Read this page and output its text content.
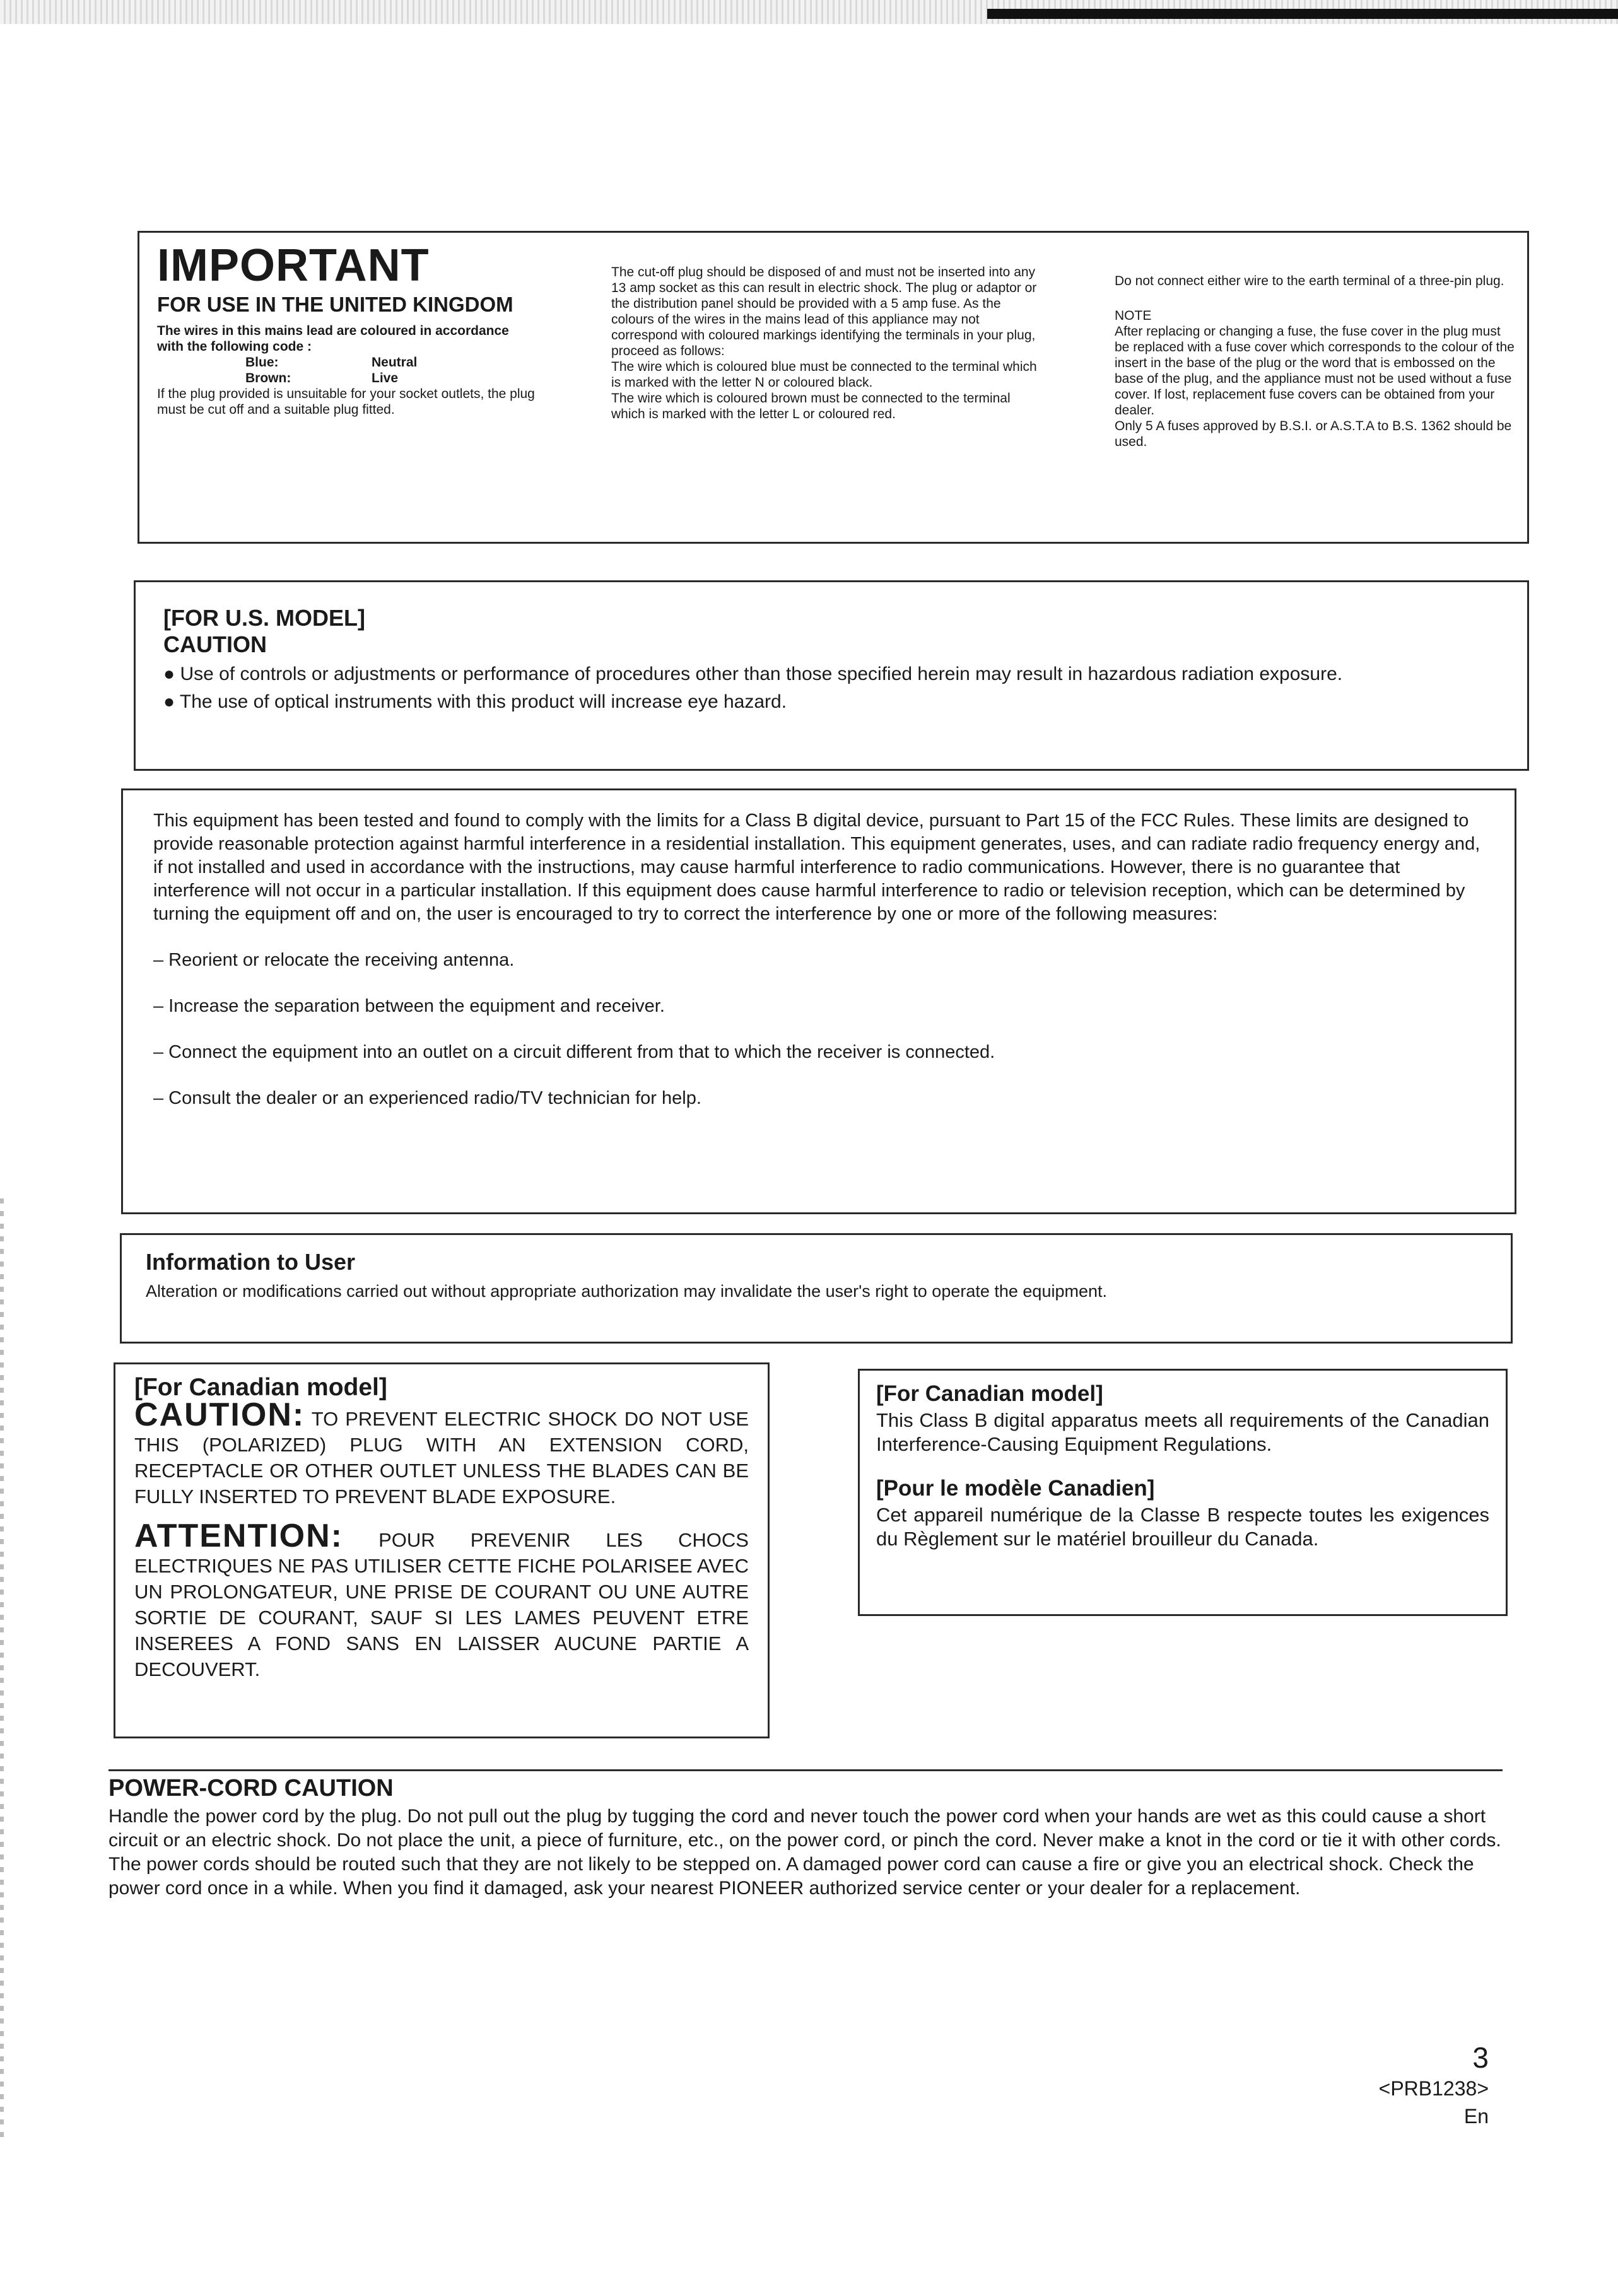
IMPORTANT
FOR USE IN THE UNITED KINGDOM
The wires in this mains lead are coloured in accordance with the following code :
Blue:	Neutral
Brown:	Live

If the plug provided is unsuitable for your socket outlets, the plug must be cut off and a suitable plug fitted.

The cut-off plug should be disposed of and must not be inserted into any 13 amp socket as this can result in electric shock. The plug or adaptor or the distribution panel should be provided with a 5 amp fuse. As the colours of the wires in the mains lead of this appliance may not correspond with coloured markings identifying the terminals in your plug, proceed as follows:

The wire which is coloured blue must be connected to the terminal which is marked with the letter N or coloured black.

The wire which is coloured brown must be connected to the terminal which is marked with the letter L or coloured red.

Do not connect either wire to the earth terminal of a three-pin plug.

NOTE

After replacing or changing a fuse, the fuse cover in the plug must be replaced with a fuse cover which corresponds to the colour of the insert in the base of the plug or the word that is embossed on the base of the plug, and the appliance must not be used without a fuse cover. If lost, replacement fuse covers can be obtained from your dealer.

Only 5 A fuses approved by B.S.I. or A.S.T.A to B.S. 1362 should be used.

[FOR U.S. MODEL]
CAUTION
● Use of controls or adjustments or performance of procedures other than those specified herein may result in hazardous radiation exposure.
● The use of optical instruments with this product will increase eye hazard.

This equipment has been tested and found to comply with the limits for a Class B digital device, pursuant to Part 15 of the FCC Rules. These limits are designed to provide reasonable protection against harmful interference in a residential installation. This equipment generates, uses, and can radiate radio frequency energy and, if not installed and used in accordance with the instructions, may cause harmful interference to radio communications. However, there is no guarantee that interference will not occur in a particular installation. If this equipment does cause harmful interference to radio or television reception, which can be determined by turning the equipment off and on, the user is encouraged to try to correct the interference by one or more of the following measures:

– Reorient or relocate the receiving antenna.

– Increase the separation between the equipment and receiver.

– Connect the equipment into an outlet on a circuit different from that to which the receiver is connected.

– Consult the dealer or an experienced radio/TV technician for help.

Information to User

Alteration or modifications carried out without appropriate authorization may invalidate the user's right to operate the equipment.

[For Canadian model]

CAUTION: TO PREVENT ELECTRIC SHOCK DO NOT USE THIS (POLARIZED) PLUG WITH AN EXTENSION CORD, RECEPTACLE OR OTHER OUTLET UNLESS THE BLADES CAN BE FULLY INSERTED TO PREVENT BLADE EXPOSURE.

ATTENTION: POUR PREVENIR LES CHOCS ELECTRIQUES NE PAS UTILISER CETTE FICHE POLARISEE AVEC UN PROLONGATEUR, UNE PRISE DE COURANT OU UNE AUTRE SORTIE DE COURANT, SAUF SI LES LAMES PEUVENT ETRE INSEREES A FOND SANS EN LAISSER AUCUNE PARTIE A DECOUVERT.

[For Canadian model]

This Class B digital apparatus meets all requirements of the Canadian Interference-Causing Equipment Regulations.

[Pour le modèle Canadien]

Cet appareil numérique de la Classe B respecte toutes les exigences du Règlement sur le matériel brouilleur du Canada.

POWER-CORD CAUTION

Handle the power cord by the plug. Do not pull out the plug by tugging the cord and never touch the power cord when your hands are wet as this could cause a short circuit or an electric shock. Do not place the unit, a piece of furniture, etc., on the power cord, or pinch the cord. Never make a knot in the cord or tie it with other cords. The power cords should be routed such that they are not likely to be stepped on. A damaged power cord can cause a fire or give you an electrical shock. Check the power cord once in a while. When you find it damaged, ask your nearest PIONEER authorized service center or your dealer for a replacement.

3
<PRB1238>
En
